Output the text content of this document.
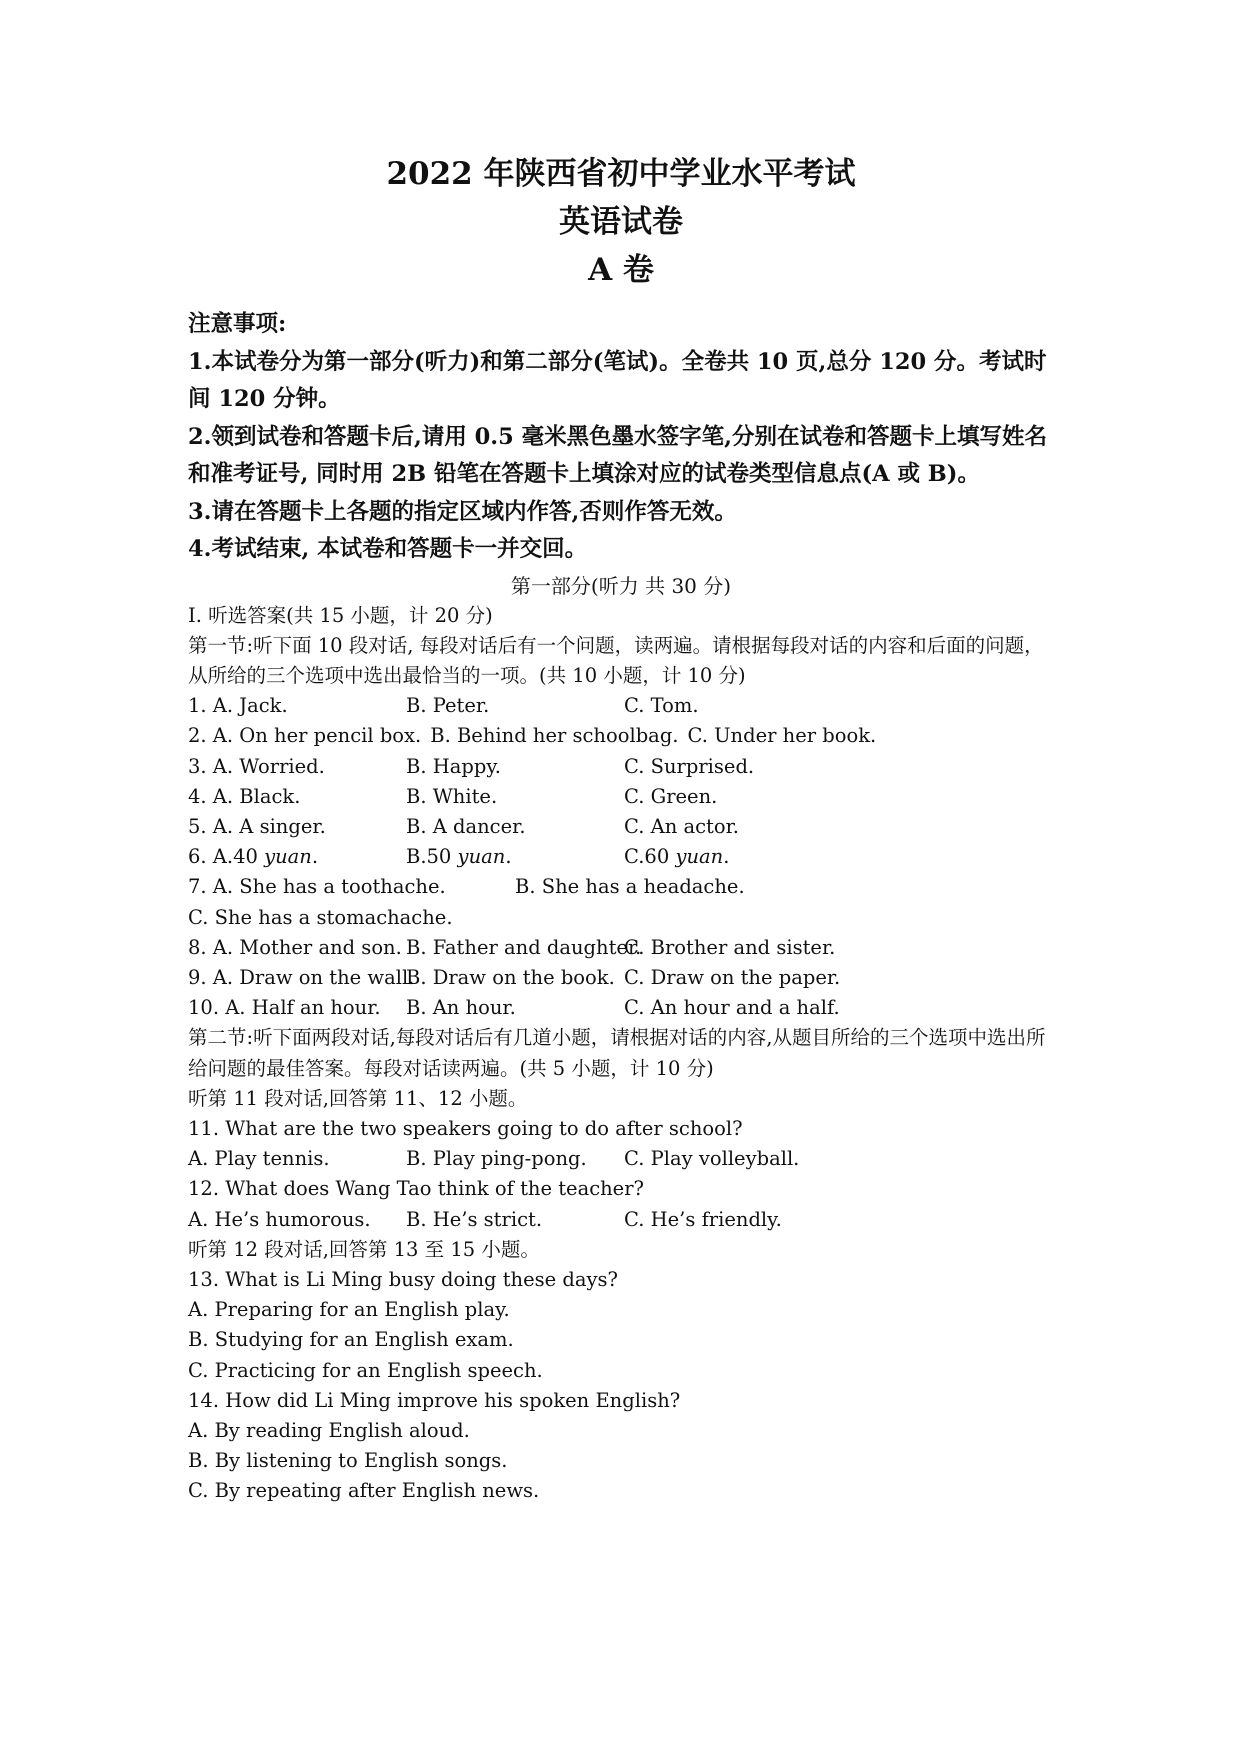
2022 年陕西省初中学业水平考试
英语试卷
A 卷

注意事项:

1.本试卷分为第一部分(听力)和第二部分(笔试)。全卷共 10 页,总分 120 分。考试时间 120 分钟。

2.领到试卷和答题卡后,请用 0.5 毫米黑色墨水签字笔,分别在试卷和答题卡上填写姓名和准考证号, 同时用 2B 铅笔在答题卡上填涂对应的试卷类型信息点(A 或 B)。

3.请在答题卡上各题的指定区域内作答,否则作答无效。

4.考试结束, 本试卷和答题卡一并交回。

第一部分(听力 共 30 分)

I. 听选答案(共 15 小题，计 20 分)

第一节:听下面 10 段对话, 每段对话后有一个问题，读两遍。请根据每段对话的内容和后面的问题，从所给的三个选项中选出最恰当的一项。(共 10 小题，计 10 分)

1. A. Jack.	B. Peter.	C. Tom.
2. A. On her pencil box. B. Behind her schoolbag. C. Under her book.
3. A. Worried.	B. Happy.	C. Surprised.
4. A. Black.	B. White.	C. Green.
5. A. A singer.	B. A dancer.	C. An actor.
6. A.40 yuan.	B.50 yuan.	C.60 yuan.
7. A. She has a toothache.	B. She has a headache.
C. She has a stomachache.
8. A. Mother and son. B. Father and daughter.
C. Brother and sister.
9. A. Draw on the wall.
B. Draw on the book. C. Draw on the paper.
10. A. Half an hour.	B. An hour.	C. An hour and a half.

第二节:听下面两段对话,每段对话后有几道小题，请根据对话的内容,从题目所给的三个选项中选出所给问题的最佳答案。每段对话读两遍。(共 5 小题，计 10 分)

听第 11 段对话,回答第 11、12 小题。

11. What are the two speakers going to do after school?

A. Play tennis.	B. Play ping-pong.	C. Play volleyball.

12. What does Wang Tao think of the teacher?

A. He’s humorous.	B. He’s strict.	C. He’s friendly.

听第 12 段对话,回答第 13 至 15 小题。

13. What is Li Ming busy doing these days?

A. Preparing for an English play.

B. Studying for an English exam.

C. Practicing for an English speech.

14. How did Li Ming improve his spoken English?

A. By reading English aloud.

B. By listening to English songs.

C. By repeating after English news.
